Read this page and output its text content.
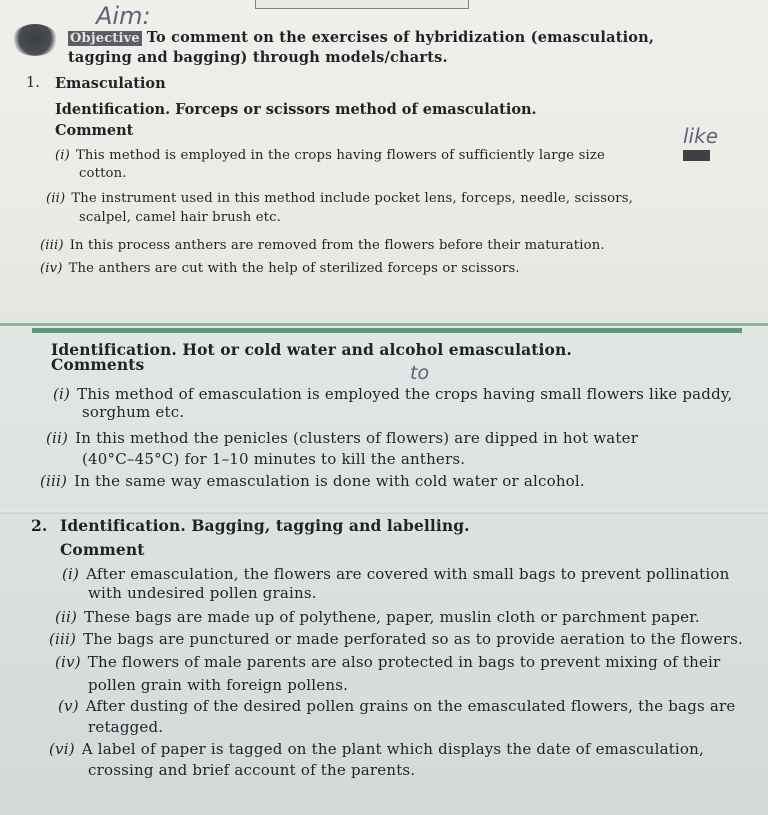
Aim:
Objective To comment on the exercises of hybridization (emasculation,
tagging and bagging) through models/charts.
1. Emasculation
Identification. Forceps or scissors method of emasculation.
Comment
(i) This method is employed in the crops having flowers of sufficiently large size
cotton.
like
(ii) The instrument used in this method include pocket lens, forceps, needle, scissors,
scalpel, camel hair brush etc.
(iii) In this process anthers are removed from the flowers before their maturation.
(iv) The anthers are cut with the help of sterilized forceps or scissors.
Identification. Hot or cold water and alcohol emasculation.
Comments	to
(i) This method of emasculation is employed the crops having small flowers like paddy,
sorghum etc.
(ii) In this method the penicles (clusters of flowers) are dipped in hot water
(40°C–45°C) for 1–10 minutes to kill the anthers.
(iii) In the same way emasculation is done with cold water or alcohol.
2. Identification. Bagging, tagging and labelling.
Comment
(i) After emasculation, the flowers are covered with small bags to prevent pollination
with undesired pollen grains.
(ii) These bags are made up of polythene, paper, muslin cloth or parchment paper.
(iii) The bags are punctured or made perforated so as to provide aeration to the flowers.
(iv) The flowers of male parents are also protected in bags to prevent mixing of their
pollen grain with foreign pollens.
(v) After dusting of the desired pollen grains on the emasculated flowers, the bags are
retagged.
(vi) A label of paper is tagged on the plant which displays the date of emasculation,
crossing and brief account of the parents.
